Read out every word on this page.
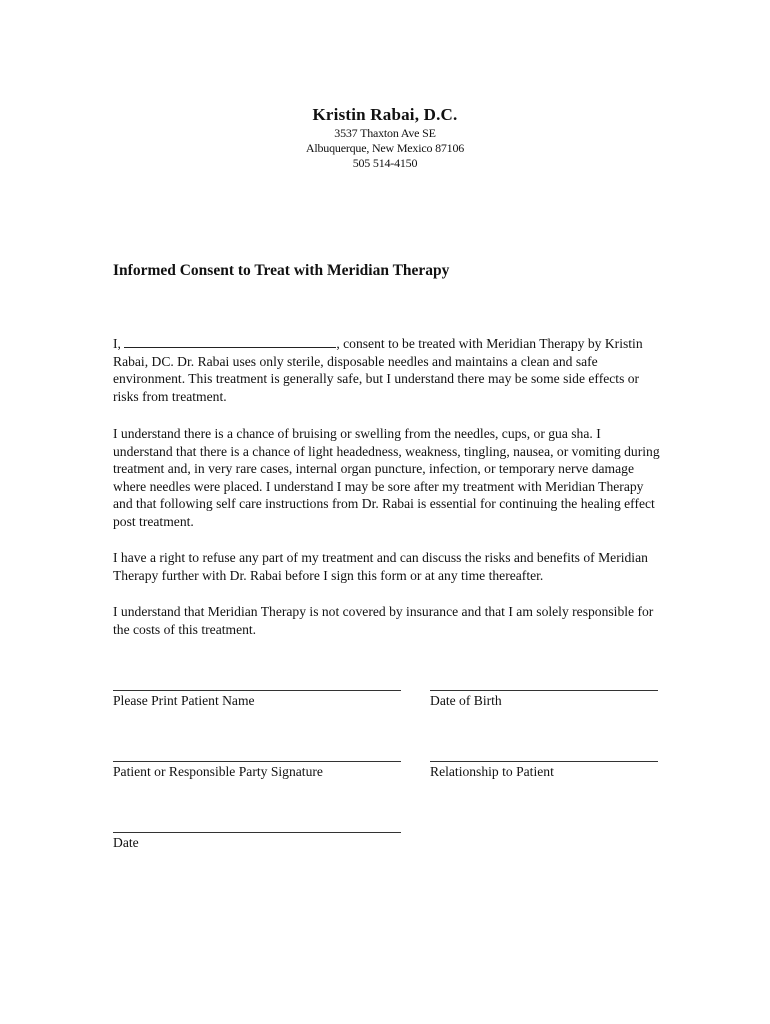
Kristin Rabai, D.C.
3537 Thaxton Ave SE
Albuquerque, New Mexico 87106
505 514-4150
Informed Consent to Treat with Meridian Therapy

I,	, consent to be treated with Meridian Therapy by Kristin Rabai, DC. Dr. Rabai uses only sterile, disposable needles and maintains a clean and safe environment. This treatment is generally safe, but I understand there may be some side effects or risks from treatment.

I understand there is a chance of bruising or swelling from the needles, cups, or gua sha. I understand that there is a chance of light headedness, weakness, tingling, nausea, or vomiting during treatment and, in very rare cases, internal organ puncture, infection, or temporary nerve damage where needles were placed. I understand I may be sore after my treatment with Meridian Therapy and that following self care instructions from Dr. Rabai is essential for continuing the healing effect post treatment.

I have a right to refuse any part of my treatment and can discuss the risks and benefits of Meridian Therapy further with Dr. Rabai before I sign this form or at any time thereafter.

I understand that Meridian Therapy is not covered by insurance and that I am solely responsible for the costs of this treatment.

Please Print Patient Name	Date of Birth
Patient or Responsible Party Signature	Relationship to Patient
Date
